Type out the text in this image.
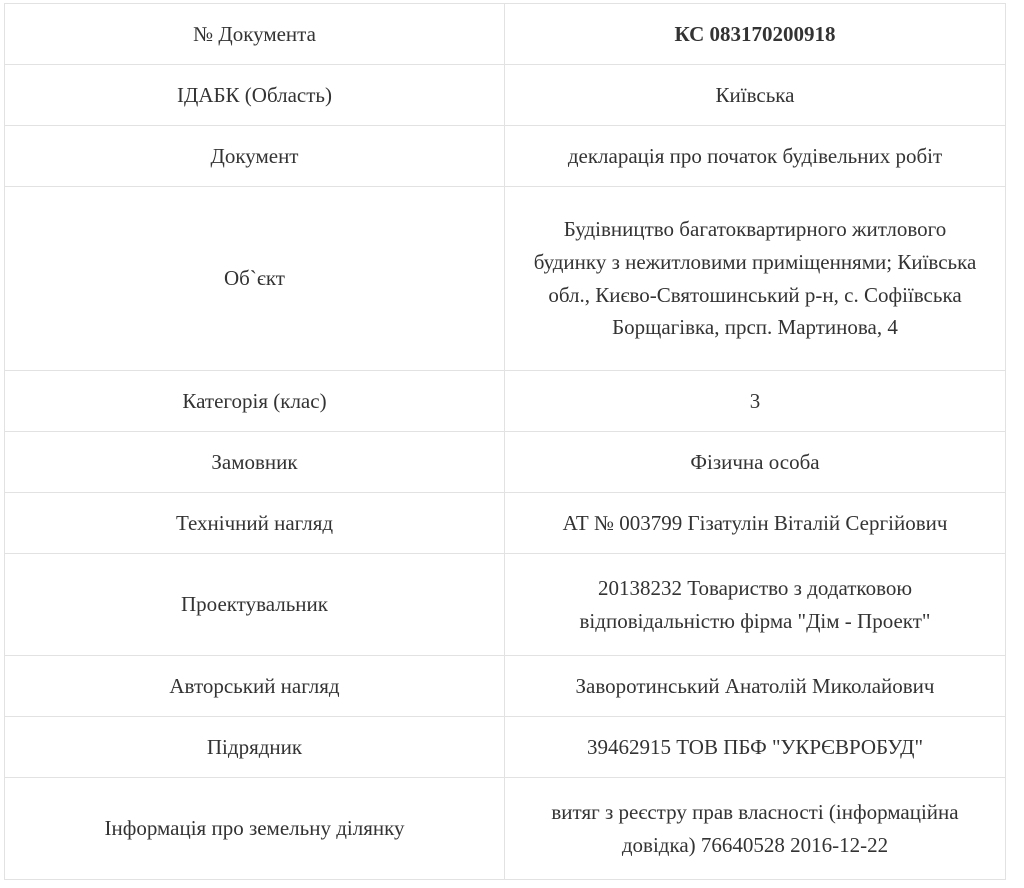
№ Документа	КС 083170200918
ІДАБК (Область)	Київська
Документ	декларація про початок будівельних робіт
Об`єкт	Будівництво багатоквартирного житлового будинку з нежитловими приміщеннями; Київська обл., Києво-Святошинський р-н, с. Софіївська Борщагівка, прсп. Мартинова, 4
Категорія (клас)	3
Замовник	Фізична особа
Технічний нагляд	АТ № 003799 Гізатулін Віталій Сергійович
Проектувальник	20138232 Товариство з додатковою відповідальністю фірма "Дім - Проект"
Авторський нагляд	Заворотинський Анатолій Миколайович
Підрядник	39462915 ТОВ ПБФ "УКРЄВРОБУД"
Інформація про земельну ділянку	витяг з реєстру прав власності (інформаційна довідка) 76640528 2016-12-22
